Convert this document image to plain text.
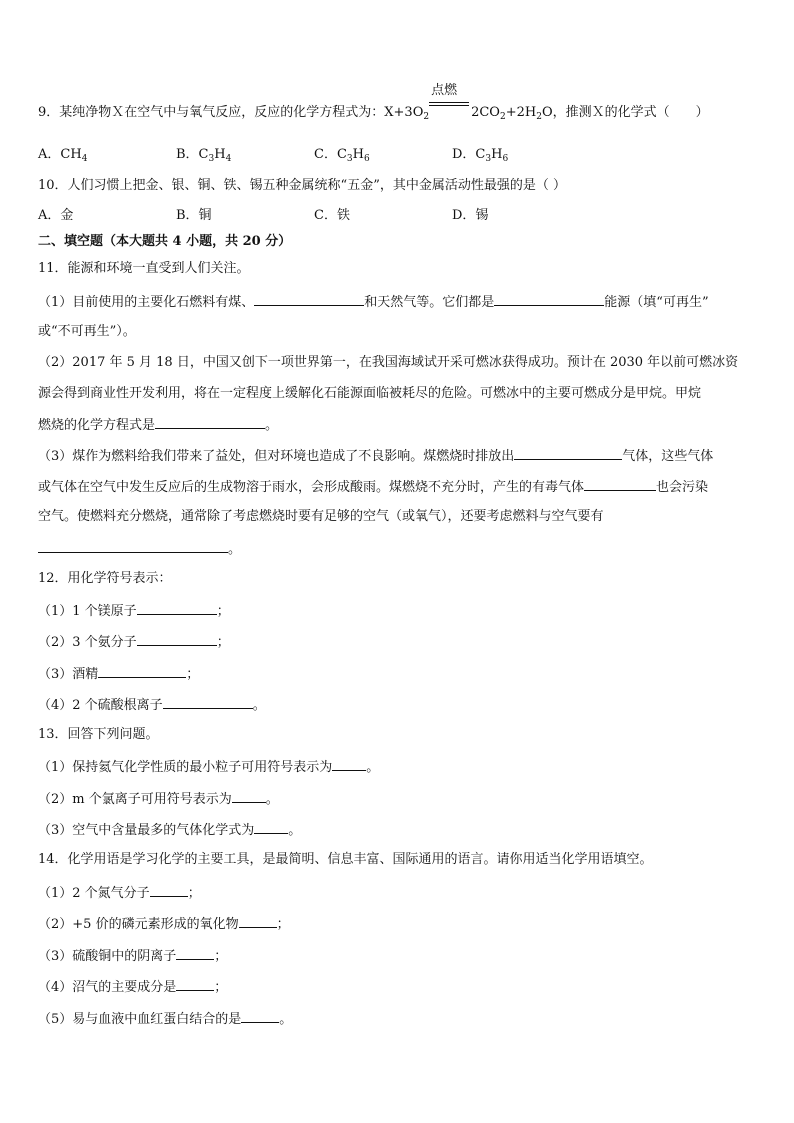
9．某纯净物Ｘ在空气中与氧气反应，反应的化学方程式为：$X+3O_2$
点燃
$2CO_2+2H_2O$，推测Ｘ的化学式（　　）
A．$CH_4$	B．$C_3H_4$	C．$C_3H_6$	D．$C_3H_6$
10．人们习惯上把金、银、铜、铁、锡五种金属统称“五金”，其中金属活动性最强的是（ ）
A．金	B．铜	C．铁	D．锡
二、填空题（本大题共 4 小题，共 20 分）
11．能源和环境一直受到人们关注。
（1）目前使用的主要化石燃料有煤、	和天然气等。它们都是	能源（填“可再生”
或“不可再生”）。
（2）2017 年 5 月 18 日，中国又创下一项世界第一，在我国海域试开采可燃冰获得成功。预计在 2030 年以前可燃冰资
源会得到商业性开发利用，将在一定程度上缓解化石能源面临被耗尽的危险。可燃冰中的主要可燃成分是甲烷。甲烷
燃烧的化学方程式是	。
（3）煤作为燃料给我们带来了益处，但对环境也造成了不良影响。煤燃烧时排放出	气体，这些气体
或气体在空气中发生反应后的生成物溶于雨水，会形成酸雨。煤燃烧不充分时，产生的有毒气体	也会污染
空气。使燃料充分燃烧，通常除了考虑燃烧时要有足够的空气（或氧气），还要考虑燃料与空气要有
。
12．用化学符号表示：
（1）1 个镁原子	；
（2）3 个氨分子	；
（3）酒精	；
（4）2 个硫酸根离子	。
13．回答下列问题。
（1）保持氦气化学性质的最小粒子可用符号表示为	。
（2）m 个氯离子可用符号表示为	。
（3）空气中含量最多的气体化学式为	。
14．化学用语是学习化学的主要工具，是最简明、信息丰富、国际通用的语言。请你用适当化学用语填空。
（1）2 个氮气分子	；
（2）+5 价的磷元素形成的氧化物	；
（3）硫酸铜中的阴离子	；
（4）沼气的主要成分是	；
（5）易与血液中血红蛋白结合的是	。
